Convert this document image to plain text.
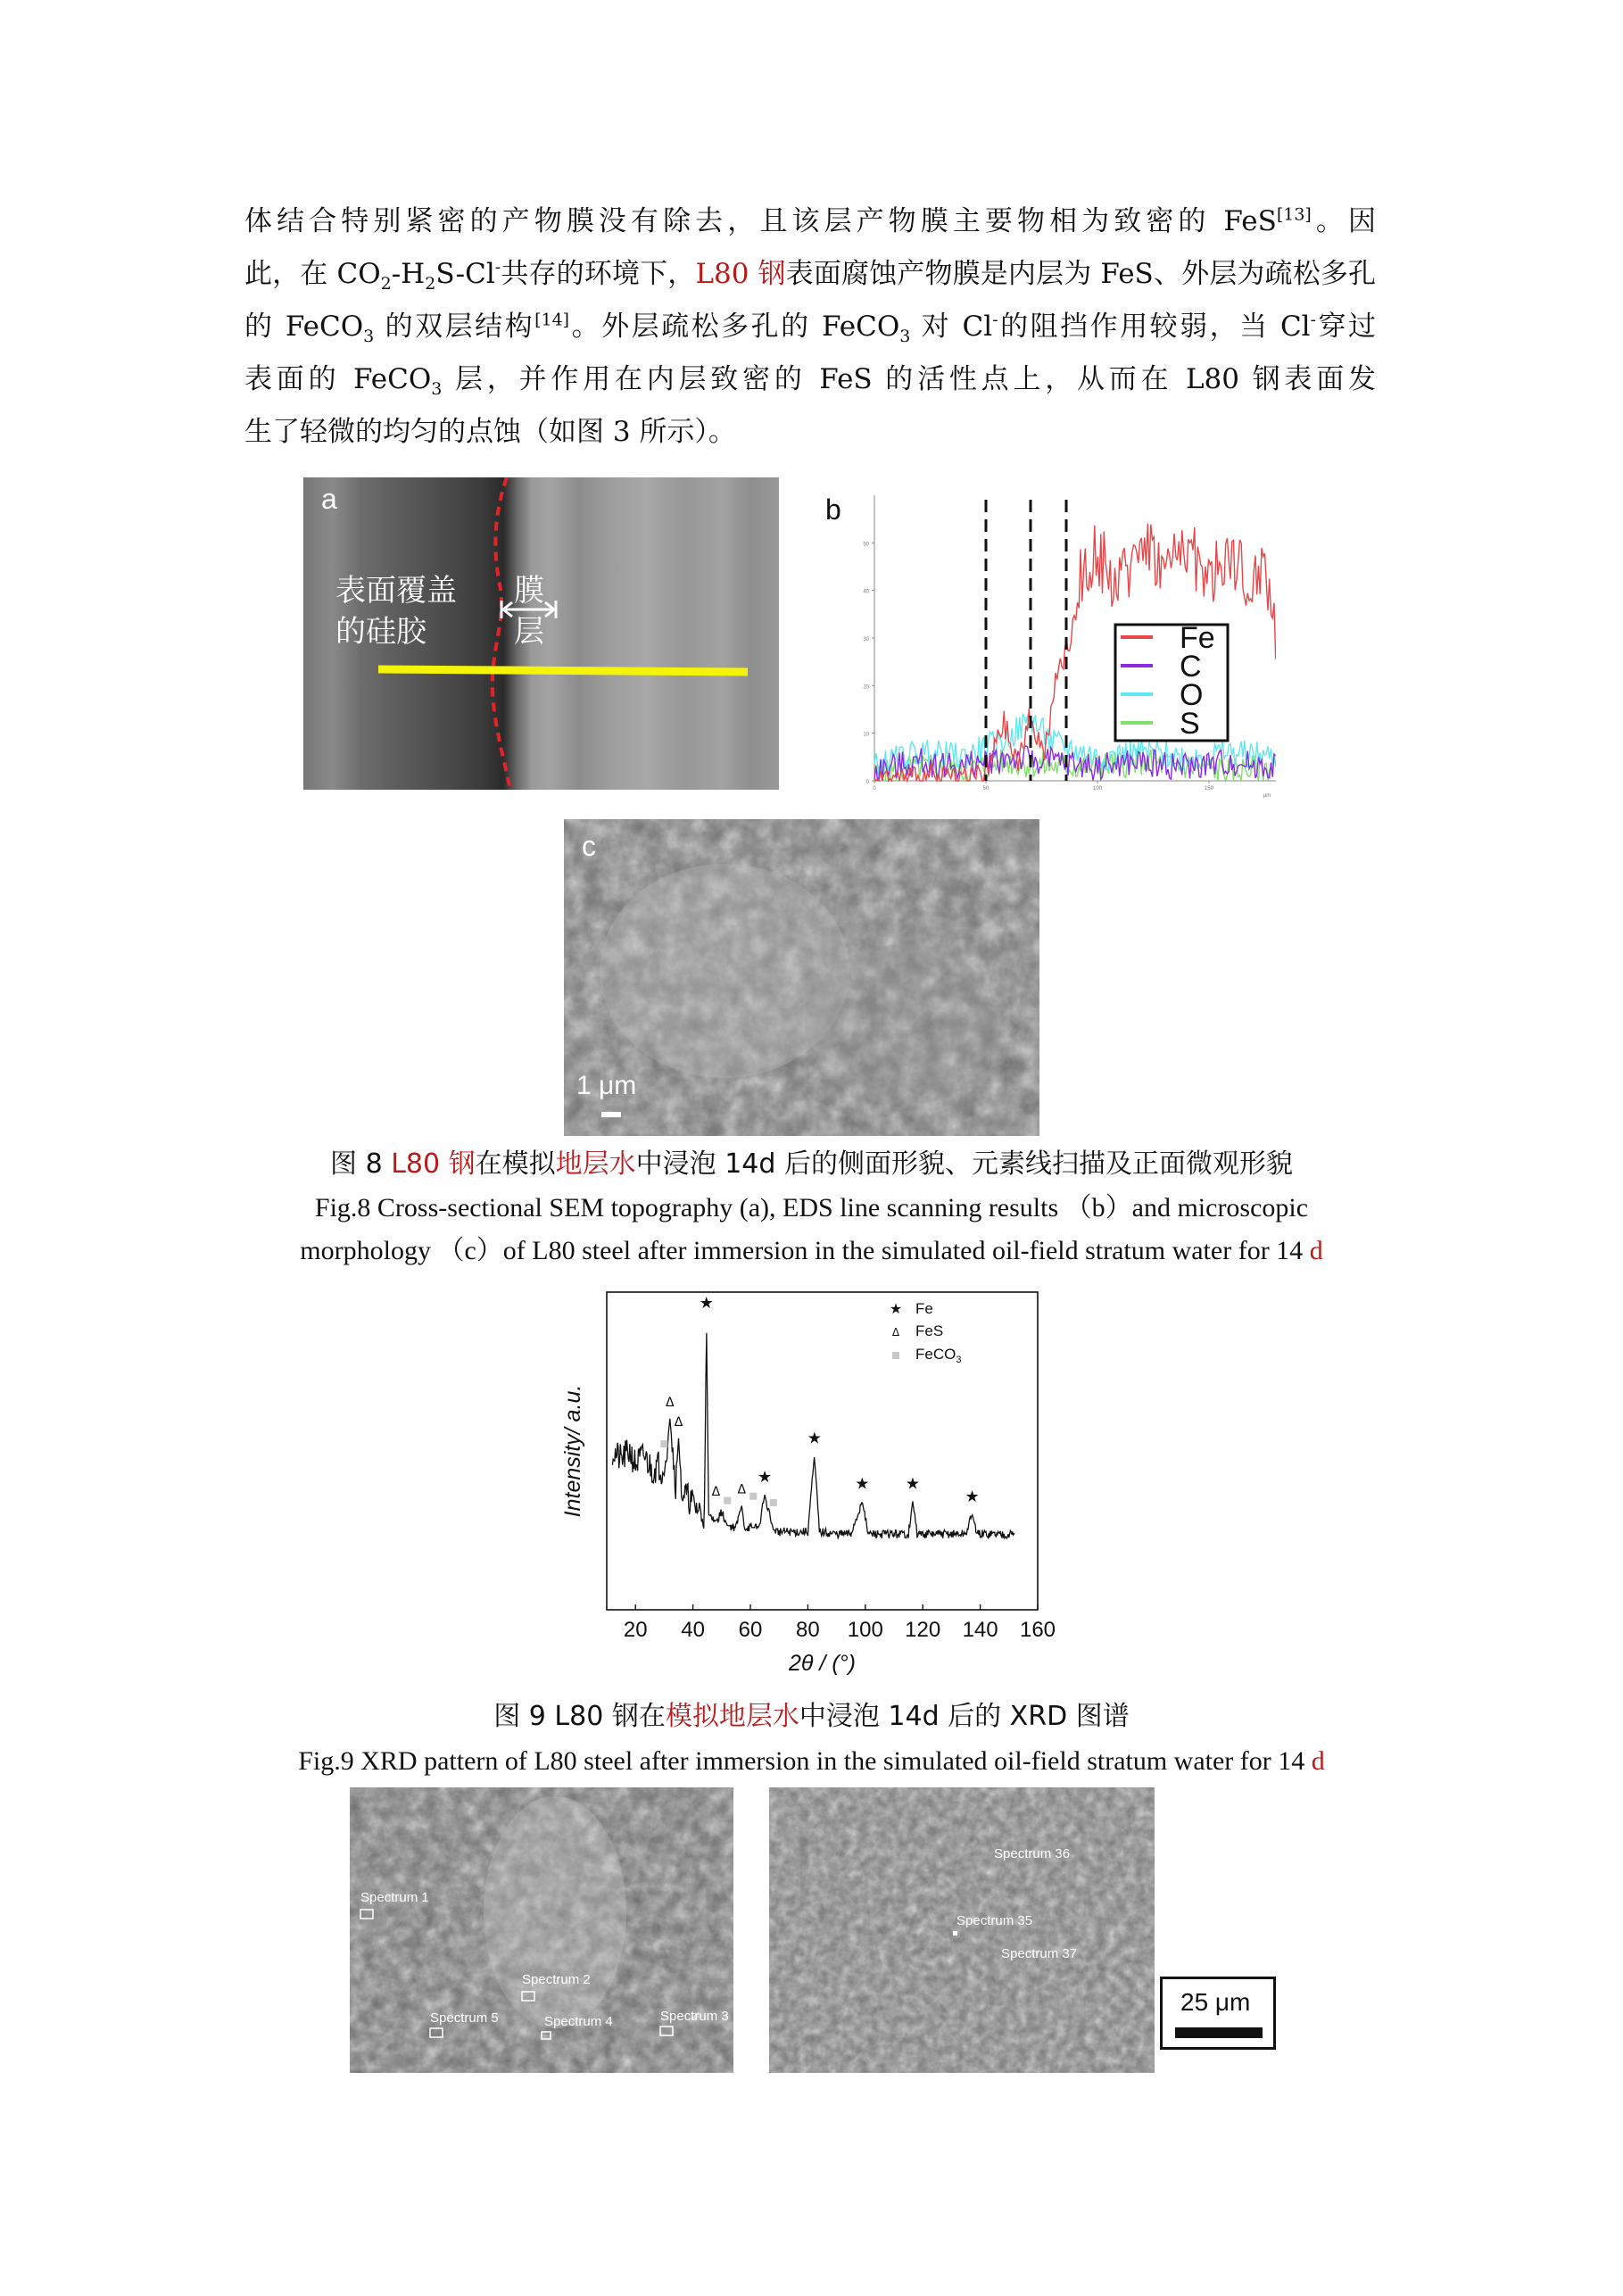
体结合特别紧密的产物膜没有除去，且该层产物膜主要物相为致密的 FeS[13]。因
此，在 $CO_2-H_2S-Cl^-$共存的环境下，L80 钢表面腐蚀产物膜是内层为 FeS、外层为疏松多孔
的 FeCO$_3$ 的双层结构[14]。外层疏松多孔的 FeCO$_3$ 对 Cl-的阻挡作用较弱，当 Cl-穿过
表面的 FeCO$_3$ 层，并作用在内层致密的 FeS 的活性点上，从而在 L80 钢表面发
生了轻微的均匀的点蚀（如图 3 所示）。
a
表面覆盖
的硅胶
膜
层
b
0
10
20
30
40
50
0	50	100	150
μm
Fe
C
O
S
c
1 μm
图 8 L80 钢在模拟地层水中浸泡 14d 后的侧面形貌、元素线扫描及正面微观形貌
Fig.8 Cross-sectional SEM topography (a), EDS line scanning results （b）and microscopic
morphology （c）of L80 steel after immersion in the simulated oil-field stratum water for 14 d
20 40 60 80 100 120 140 160
2θ / (°)
Intensity/ a.u.
★
★
★
★ ★
★
Δ
Δ
Δ Δ
★ Fe
Δ FeS
FeCO$_3$
图 9 L80 钢在模拟地层水中浸泡 14d 后的 XRD 图谱
Fig.9 XRD pattern of L80 steel after immersion in the simulated oil-field stratum water for 14 d
Spectrum 1
Spectrum 2
Spectrum 5	Spectrum 4	Spectrum 3
Spectrum 36
Spectrum 35
Spectrum 37
25 μm
